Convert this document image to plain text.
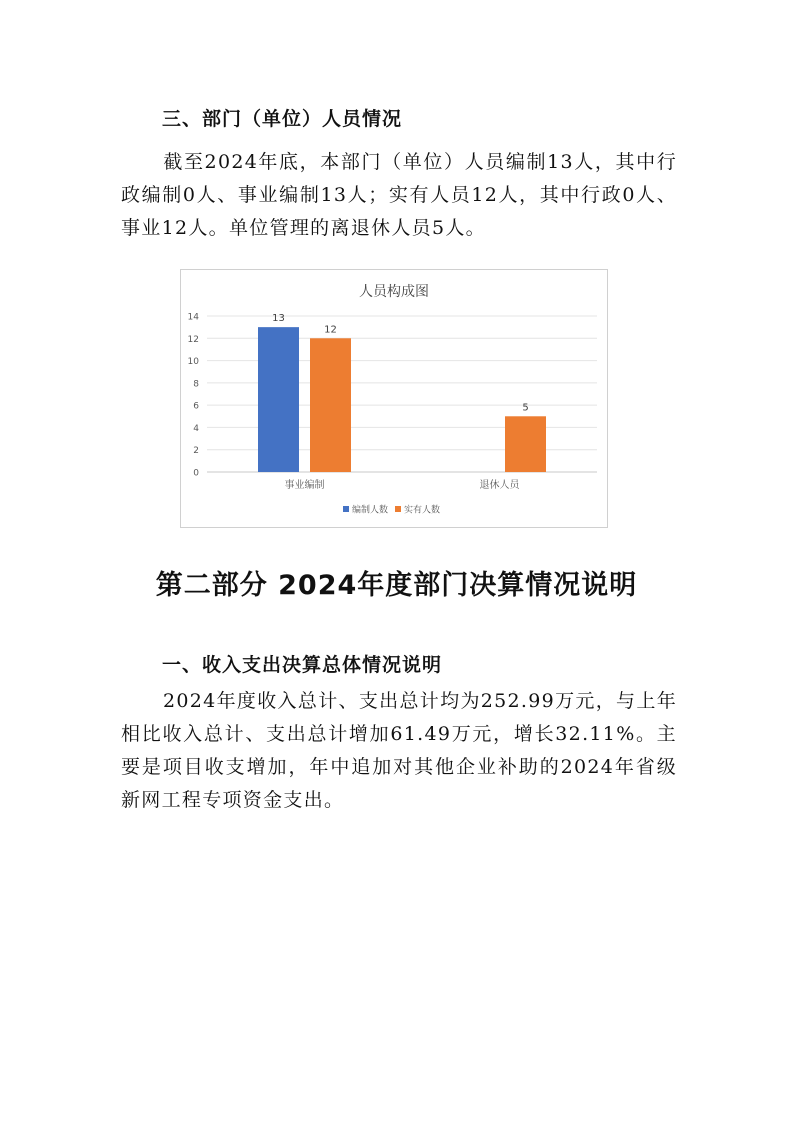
三、部门（单位）人员情况

截至2024年底，本部门（单位）人员编制13人，其中行政编制0人、事业编制13人；实有人员12人，其中行政0人、事业12人。单位管理的离退休人员5人。

人员构成图
0
2
4
6
8
10
12
14	13
12
事业编制
5
退休人员
编制人数 实有人数
第二部分 2024年度部门决算情况说明
一、收入支出决算总体情况说明

2024年度收入总计、支出总计均为252.99万元，与上年相比收入总计、支出总计增加61.49万元，增长32.11%。主要是项目收支增加，年中追加对其他企业补助的2024年省级新网工程专项资金支出。
